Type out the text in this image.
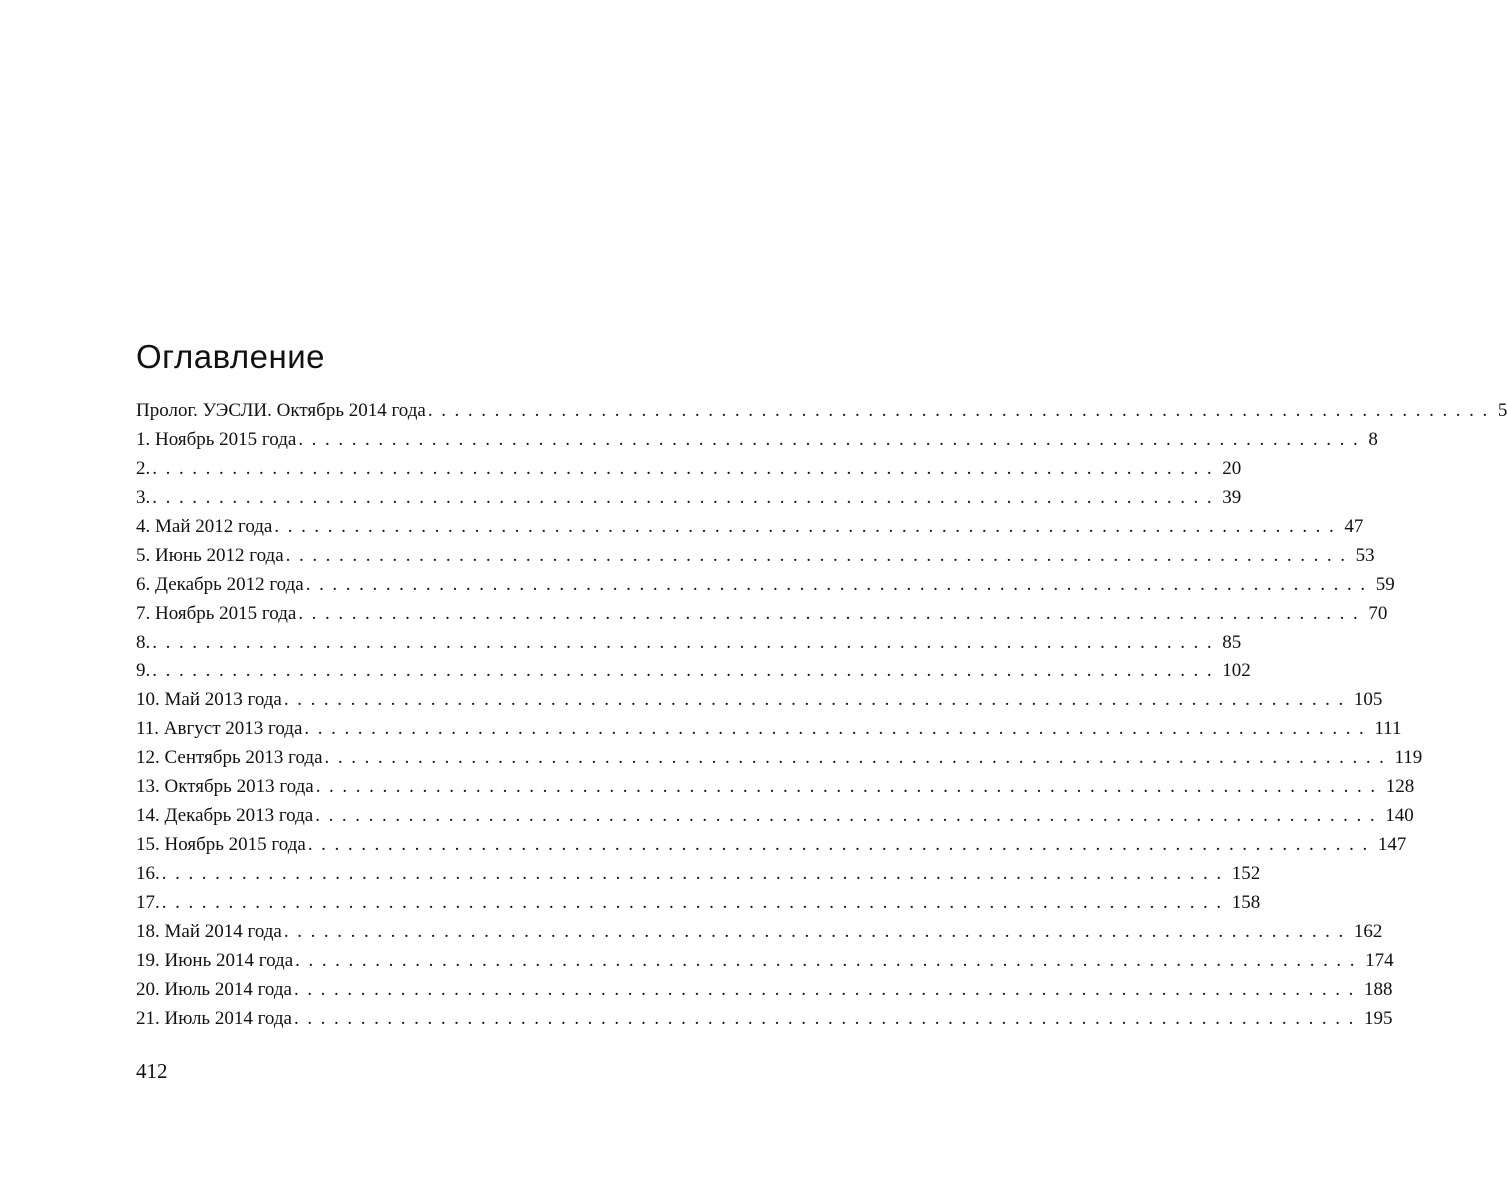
Оглавление
Пролог. УЭСЛИ. Октябрь 2014 года ................................................................................ 5
1. Ноябрь 2015 года ................................................................................ 8
2. ................................................................................ 20
3. ................................................................................ 39
4. Май 2012 года ................................................................................ 47
5. Июнь 2012 года ................................................................................ 53
6. Декабрь 2012 года ................................................................................ 59
7. Ноябрь 2015 года ................................................................................ 70
8. ................................................................................ 85
9. ................................................................................ 102
10. Май 2013 года ................................................................................ 105
11. Август 2013 года ................................................................................ 111
12. Сентябрь 2013 года ................................................................................ 119
13. Октябрь 2013 года ................................................................................ 128
14. Декабрь 2013 года ................................................................................ 140
15. Ноябрь 2015 года ................................................................................ 147
16. ................................................................................ 152
17. ................................................................................ 158
18. Май 2014 года ................................................................................ 162
19. Июнь 2014 года ................................................................................ 174
20. Июль 2014 года ................................................................................ 188
21. Июль 2014 года ................................................................................ 195

412
